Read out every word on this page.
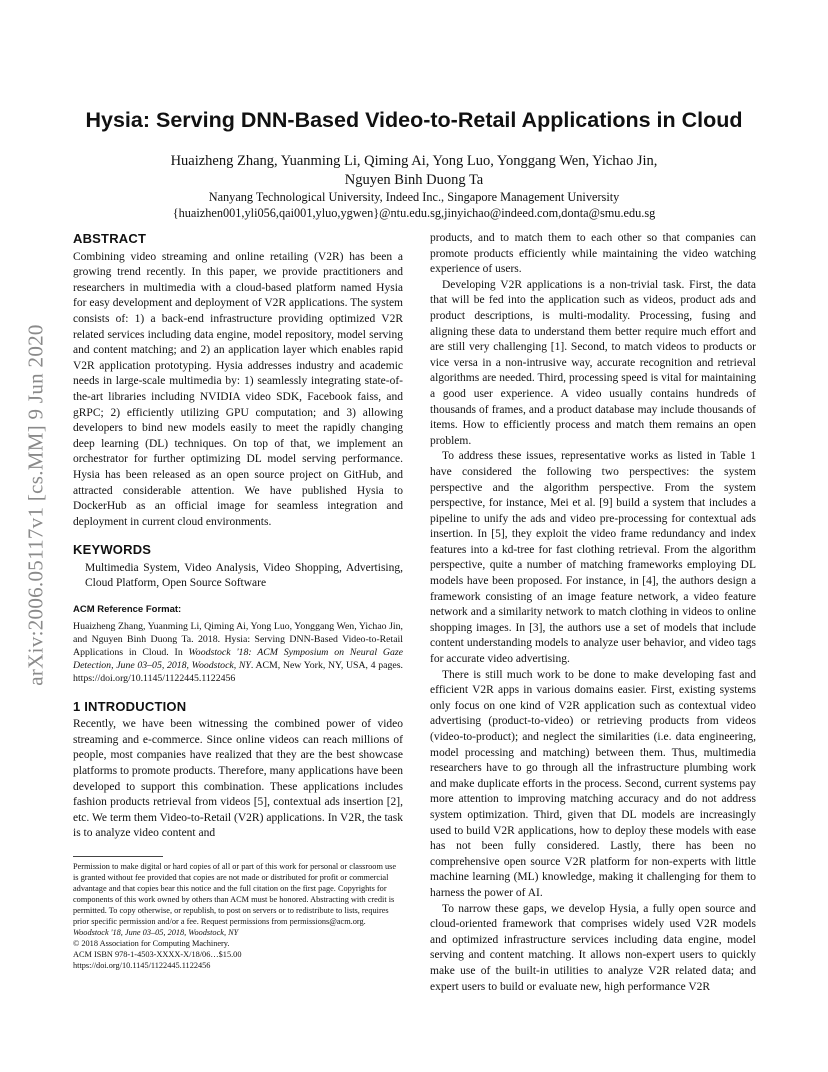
arXiv:2006.05117v1 [cs.MM] 9 Jun 2020
Hysia: Serving DNN-Based Video-to-Retail Applications in Cloud
Huaizheng Zhang, Yuanming Li, Qiming Ai, Yong Luo, Yonggang Wen, Yichao Jin,
Nguyen Binh Duong Ta
Nanyang Technological University, Indeed Inc., Singapore Management University
{huaizhen001,yli056,qai001,yluo,ygwen}@ntu.edu.sg,jinyichao@indeed.com,donta@smu.edu.sg
ABSTRACT

Combining video streaming and online retailing (V2R) has been a growing trend recently. In this paper, we provide practitioners and researchers in multimedia with a cloud-based platform named Hysia for easy development and deployment of V2R applications. The system consists of: 1) a back-end infrastructure providing optimized V2R related services including data engine, model repository, model serving and content matching; and 2) an application layer which enables rapid V2R application prototyping. Hysia addresses industry and academic needs in large-scale multimedia by: 1) seamlessly integrating state-of-the-art libraries including NVIDIA video SDK, Facebook faiss, and gRPC; 2) efficiently utilizing GPU computation; and 3) allowing developers to bind new models easily to meet the rapidly changing deep learning (DL) techniques. On top of that, we implement an orchestrator for further optimizing DL model serving performance. Hysia has been released as an open source project on GitHub, and attracted considerable attention. We have published Hysia to DockerHub as an official image for seamless integration and deployment in current cloud environments.

KEYWORDS

Multimedia System, Video Analysis, Video Shopping, Advertising, Cloud Platform, Open Source Software

ACM Reference Format:

Huaizheng Zhang, Yuanming Li, Qiming Ai, Yong Luo, Yonggang Wen, Yichao Jin, and Nguyen Binh Duong Ta. 2018. Hysia: Serving DNN-Based Video-to-Retail Applications in Cloud. In Woodstock '18: ACM Symposium on Neural Gaze Detection, June 03–05, 2018, Woodstock, NY. ACM, New York, NY, USA, 4 pages. https://doi.org/10.1145/1122445.1122456

1 INTRODUCTION

Recently, we have been witnessing the combined power of video streaming and e-commerce. Since online videos can reach millions of people, most companies have realized that they are the best showcase platforms to promote products. Therefore, many applications have been developed to support this combination. These applications includes fashion products retrieval from videos [5], contextual ads insertion [2], etc. We term them Video-to-Retail (V2R) applications. In V2R, the task is to analyze video content and

Permission to make digital or hard copies of all or part of this work for personal or classroom use is granted without fee provided that copies are not made or distributed for profit or commercial advantage and that copies bear this notice and the full citation on the first page. Copyrights for components of this work owned by others than ACM must be honored. Abstracting with credit is permitted. To copy otherwise, or republish, to post on servers or to redistribute to lists, requires prior specific permission and/or a fee. Request permissions from permissions@acm.org.

Woodstock '18, June 03–05, 2018, Woodstock, NY

© 2018 Association for Computing Machinery.

ACM ISBN 978-1-4503-XXXX-X/18/06…$15.00

https://doi.org/10.1145/1122445.1122456

products, and to match them to each other so that companies can promote products efficiently while maintaining the video watching experience of users.

Developing V2R applications is a non-trivial task. First, the data that will be fed into the application such as videos, product ads and product descriptions, is multi-modality. Processing, fusing and aligning these data to understand them better require much effort and are still very challenging [1]. Second, to match videos to products or vice versa in a non-intrusive way, accurate recognition and retrieval algorithms are needed. Third, processing speed is vital for maintaining a good user experience. A video usually contains hundreds of thousands of frames, and a product database may include thousands of items. How to efficiently process and match them remains an open problem.

To address these issues, representative works as listed in Table 1 have considered the following two perspectives: the system perspective and the algorithm perspective. From the system perspective, for instance, Mei et al. [9] build a system that includes a pipeline to unify the ads and video pre-processing for contextual ads insertion. In [5], they exploit the video frame redundancy and index features into a kd-tree for fast clothing retrieval. From the algorithm perspective, quite a number of matching frameworks employing DL models have been proposed. For instance, in [4], the authors design a framework consisting of an image feature network, a video feature network and a similarity network to match clothing in videos to online shopping images. In [3], the authors use a set of models that include content understanding models to analyze user behavior, and video tags for accurate video advertising.

There is still much work to be done to make developing fast and efficient V2R apps in various domains easier. First, existing systems only focus on one kind of V2R application such as contextual video advertising (product-to-video) or retrieving products from videos (video-to-product); and neglect the similarities (i.e. data engineering, model processing and matching) between them. Thus, multimedia researchers have to go through all the infrastructure plumbing work and make duplicate efforts in the process. Second, current systems pay more attention to improving matching accuracy and do not address system optimization. Third, given that DL models are increasingly used to build V2R applications, how to deploy these models with ease has not been fully considered. Lastly, there has been no comprehensive open source V2R platform for non-experts with little machine learning (ML) knowledge, making it challenging for them to harness the power of AI.

To narrow these gaps, we develop Hysia, a fully open source and cloud-oriented framework that comprises widely used V2R models and optimized infrastructure services including data engine, model serving and content matching. It allows non-expert users to quickly make use of the built-in utilities to analyze V2R related data; and expert users to build or evaluate new, high performance V2R
